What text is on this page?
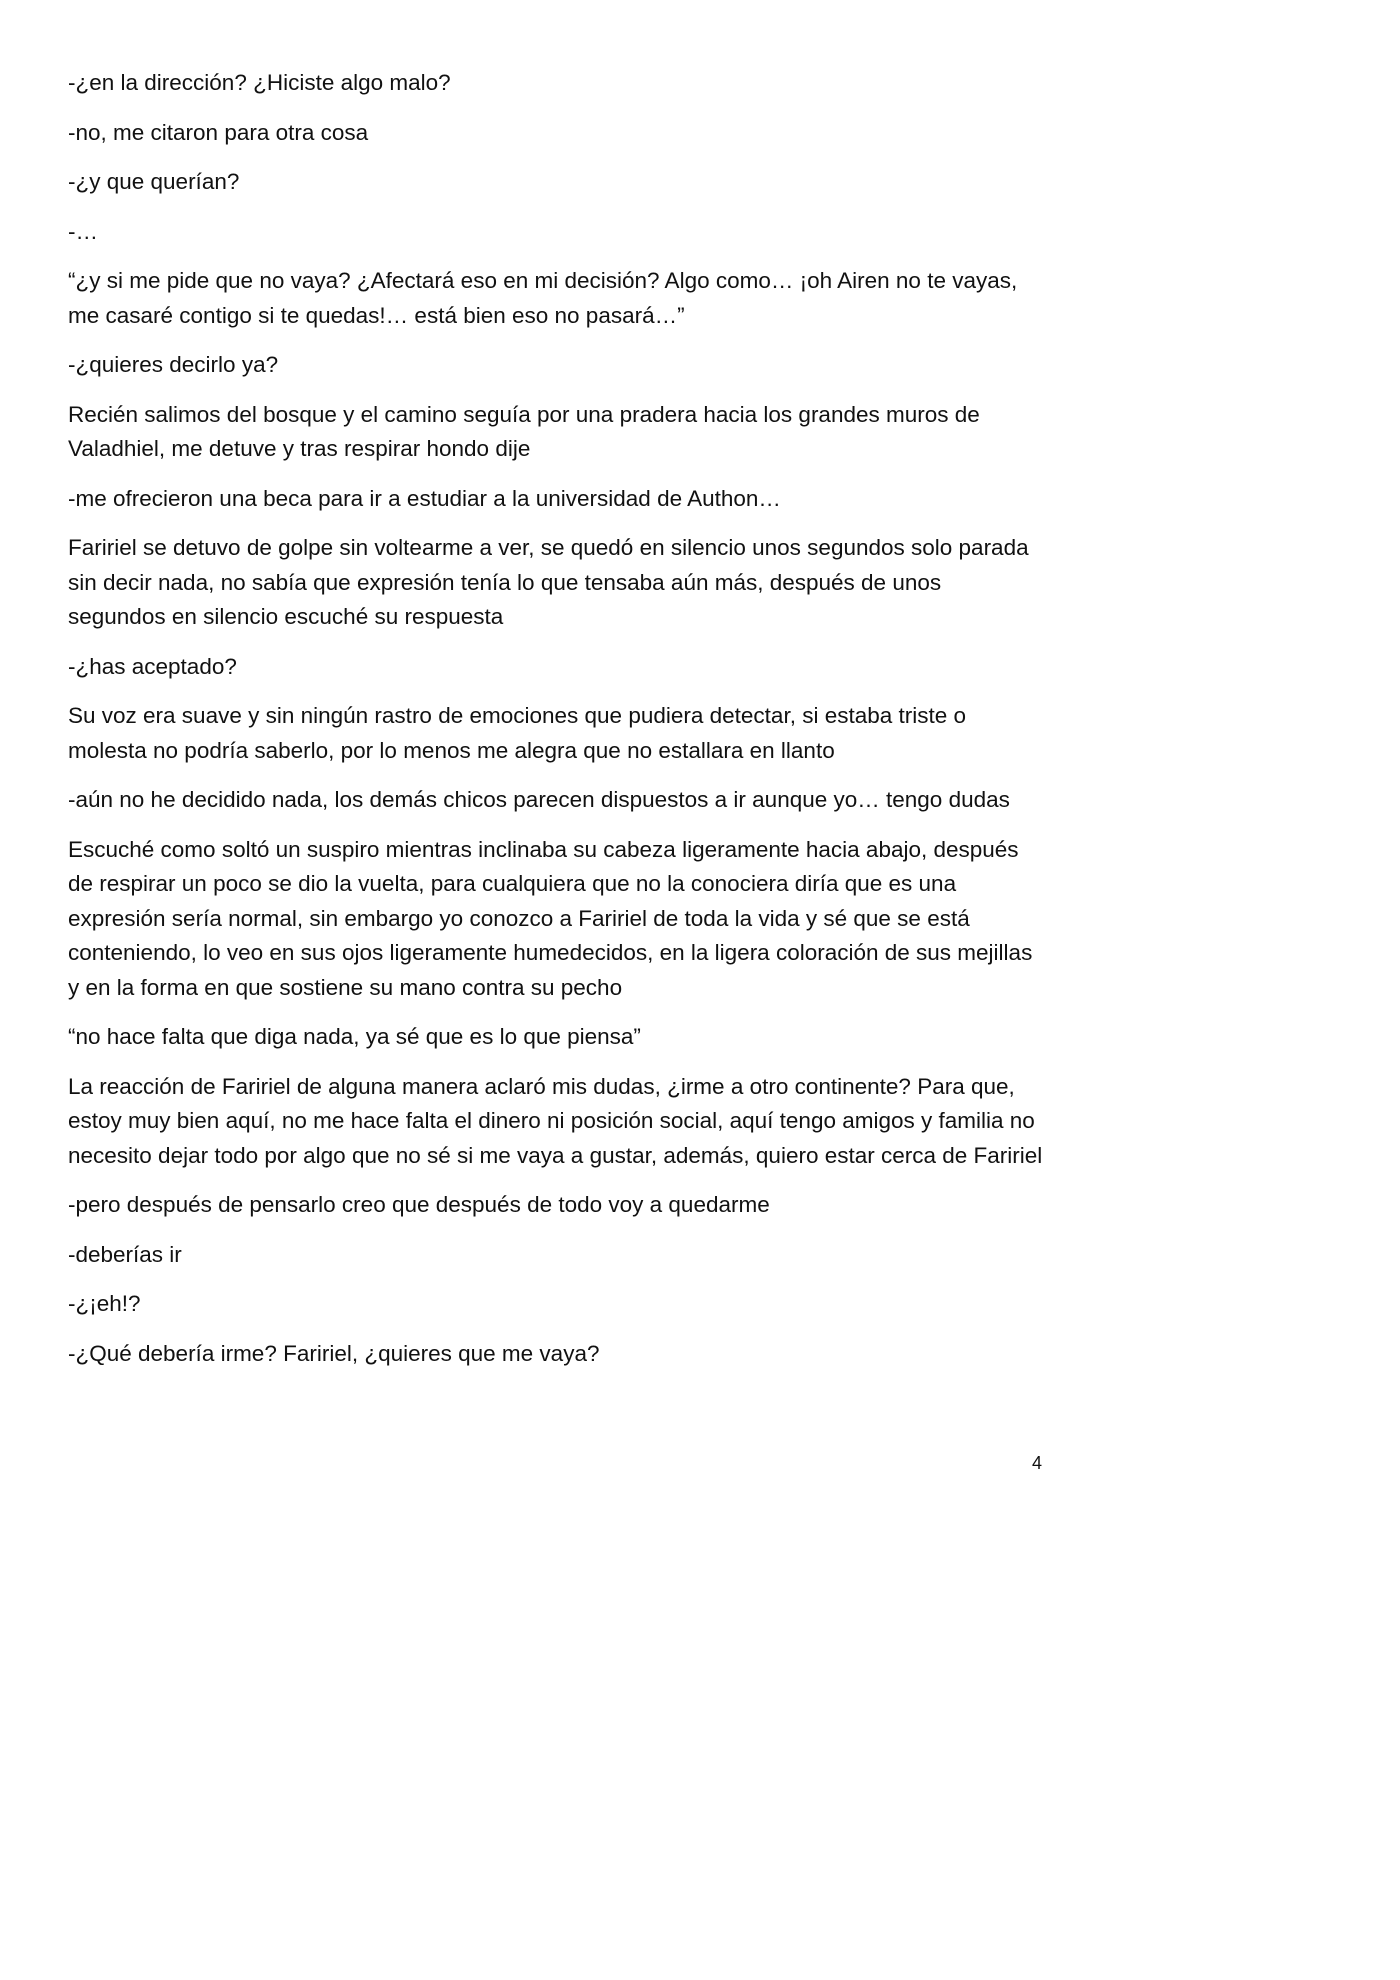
-¿en la dirección? ¿Hiciste algo malo?

-no, me citaron para otra cosa

-¿y que querían?

-…

“¿y si me pide que no vaya? ¿Afectará eso en mi decisión? Algo como… ¡oh Airen no te vayas, me casaré contigo si te quedas!… está bien eso no pasará…”

-¿quieres decirlo ya?

Recién salimos del bosque y el camino seguía por una pradera hacia los grandes muros de Valadhiel, me detuve y tras respirar hondo dije

-me ofrecieron una beca para ir a estudiar a la universidad de Authon…

Faririel se detuvo de golpe sin voltearme a ver, se quedó en silencio unos segundos solo parada sin decir nada, no sabía que expresión tenía lo que tensaba aún más, después de unos segundos en silencio escuché su respuesta

-¿has aceptado?

Su voz era suave y sin ningún rastro de emociones que pudiera detectar, si estaba triste o molesta no podría saberlo, por lo menos me alegra que no estallara en llanto

-aún no he decidido nada, los demás chicos parecen dispuestos a ir aunque yo… tengo dudas

Escuché como soltó un suspiro mientras inclinaba su cabeza ligeramente hacia abajo, después de respirar un poco se dio la vuelta, para cualquiera que no la conociera diría que es una expresión sería normal, sin embargo yo conozco a Faririel de toda la vida y sé que se está conteniendo, lo veo en sus ojos ligeramente humedecidos, en la ligera coloración de sus mejillas y en la forma en que sostiene su mano contra su pecho

“no hace falta que diga nada, ya sé que es lo que piensa”

La reacción de Faririel de alguna manera aclaró mis dudas, ¿irme a otro continente? Para que, estoy muy bien aquí, no me hace falta el dinero ni posición social, aquí tengo amigos y familia no necesito dejar todo por algo que no sé si me vaya a gustar, además, quiero estar cerca de Faririel

-pero después de pensarlo creo que después de todo voy a quedarme

-deberías ir

-¿¡eh!?

-¿Qué debería irme? Faririel, ¿quieres que me vaya?

4
